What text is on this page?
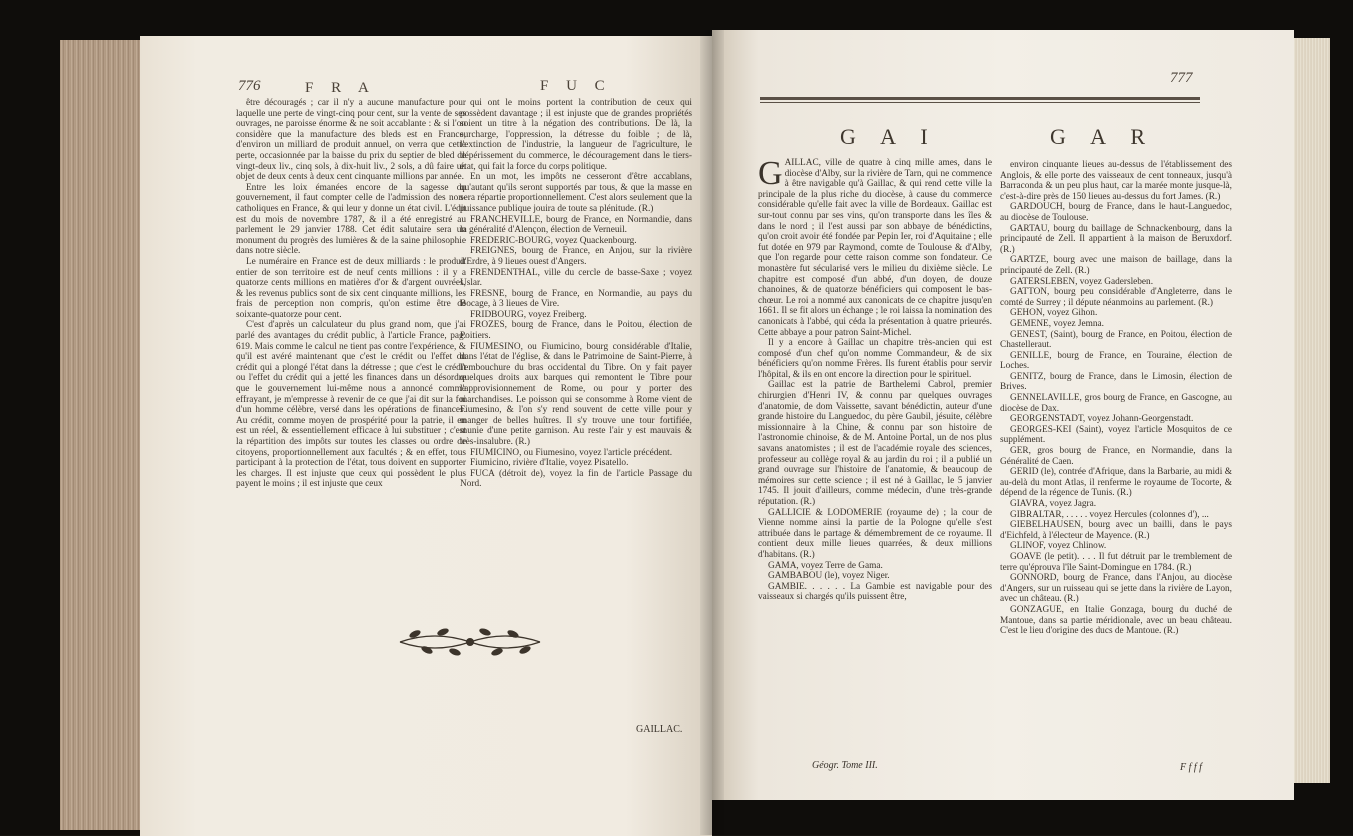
776	F R A	F U C

être découragés ; car il n'y a aucune manufacture pour laquelle une perte de vingt-cinq pour cent, sur la vente de ses ouvrages, ne paroisse énorme & ne soit accablante : & si l'on considère que la manufacture des bleds est en France, d'environ un milliard de produit annuel, on verra que cette perte, occasionnée par la baisse du prix du septier de bled de vingt-deux liv., cinq sols, à dix-huit liv., 2 sols, a dû faire un objet de deux cents à deux cent cinquante millions par année.

Entre les loix émanées encore de la sagesse du gouvernement, il faut compter celle de l'admission des non-catholiques en France, & qui leur y donne un état civil. L'édit est du mois de novembre 1787, & il a été enregistré au parlement le 29 janvier 1788. Cet édit salutaire sera un monument du progrès des lumières & de la saine philosophie dans notre siècle.

Le numéraire en France est de deux milliards : le produit entier de son territoire est de neuf cents millions : il y a quatorze cents millions en matières d'or & d'argent ouvrées, & les revenus publics sont de six cent cinquante millions, les frais de perception non compris, qu'on estime être de soixante-quatorze pour cent.

C'est d'après un calculateur du plus grand nom, que j'ai parlé des avantages du crédit public, à l'article France, pag. 619. Mais comme le calcul ne tient pas contre l'expérience, & qu'il est avéré maintenant que c'est le crédit ou l'effet du crédit qui a plongé l'état dans la détresse ; que c'est le crédit ou l'effet du crédit qui a jetté les finances dans un désordre que le gouvernement lui-même nous a annoncé comme effrayant, je m'empresse à revenir de ce que j'ai dit sur la foi d'un homme célèbre, versé dans les opérations de finances. Au crédit, comme moyen de prospérité pour la patrie, il en est un réel, & essentiellement efficace à lui substituer ; c'est la répartition des impôts sur toutes les classes ou ordre de citoyens, proportionnellement aux facultés ; & en effet, tous participant à la protection de l'état, tous doivent en supporter les charges. Il est injuste que ceux qui possèdent le plus payent le moins ; il est injuste que ceux

qui ont le moins portent la contribution de ceux qui possèdent davantage ; il est injuste que de grandes propriétés soient un titre à la négation des contributions. De là, la surcharge, l'oppression, la détresse du foible ; de là, l'extinction de l'industrie, la langueur de l'agriculture, le dépérissement du commerce, le découragement dans le tiers-état, qui fait la force du corps politique.

En un mot, les impôts ne cesseront d'être accablans, qu'autant qu'ils seront supportés par tous, & que la masse en sera répartie proportionnellement. C'est alors seulement que la puissance publique jouira de toute sa plénitude. (R.)

FRANCHEVILLE, bourg de France, en Normandie, dans la généralité d'Alençon, élection de Verneuil.

FREDERIC-BOURG, voyez Quackenbourg.

FREIGNES, bourg de France, en Anjou, sur la rivière d'Erdre, à 9 lieues ouest d'Angers.

FRENDENTHAL, ville du cercle de basse-Saxe ; voyez Uslar.

FRESNE, bourg de France, en Normandie, au pays du Bocage, à 3 lieues de Vire.

FRIDBOURG, voyez Freiberg.

FROZES, bourg de France, dans le Poitou, élection de Poitiers.

FIUMESINO, ou Fiumicino, bourg considérable d'Italie, dans l'état de l'église, & dans le Patrimoine de Saint-Pierre, à l'embouchure du bras occidental du Tibre. On y fait payer quelques droits aux barques qui remontent le Tibre pour l'approvisionnement de Rome, ou pour y porter des marchandises. Le poisson qui se consomme à Rome vient de Fiumesino, & l'on s'y rend souvent de cette ville pour y manger de belles huîtres. Il s'y trouve une tour fortifiée, munie d'une petite garnison. Au reste l'air y est mauvais & très-insalubre. (R.)

FIUMICINO, ou Fiumesino, voyez l'article précédent.

Fiumicino, rivière d'Italie, voyez Pisatello.

FUCA (détroit de), voyez la fin de l'article Passage du Nord.

GAILLAC.
777
G A I	G A R

GAILLAC, ville de quatre à cinq mille ames, dans le diocèse d'Alby, sur la rivière de Tarn, qui ne commence à être navigable qu'à Gaillac, & qui rend cette ville la principale de la plus riche du diocèse, à cause du commerce considérable qu'elle fait avec la ville de Bordeaux. Gaillac est sur-tout connu par ses vins, qu'on transporte dans les îles & dans le nord ; il l'est aussi par son abbaye de bénédictins, qu'on croit avoir été fondée par Pepin Ier, roi d'Aquitaine ; elle fut dotée en 979 par Raymond, comte de Toulouse & d'Alby, que l'on regarde pour cette raison comme son fondateur. Ce monastère fut sécularisé vers le milieu du dixième siècle. Le chapitre est composé d'un abbé, d'un doyen, de douze chanoines, & de quatorze bénéficiers qui composent le bas-chœur. Le roi a nommé aux canonicats de ce chapitre jusqu'en 1661. Il se fit alors un échange ; le roi laissa la nomination des canonicats à l'abbé, qui céda la présentation à quatre prieurés. Cette abbaye a pour patron Saint-Michel.

Il y a encore à Gaillac un chapitre très-ancien qui est composé d'un chef qu'on nomme Commandeur, & de six bénéficiers qu'on nomme Frères. Ils furent établis pour servir l'hôpital, & ils en ont encore la direction pour le spirituel.

Gaillac est la patrie de Barthelemi Cabrol, premier chirurgien d'Henri IV, & connu par quelques ouvrages d'anatomie, de dom Vaissette, savant bénédictin, auteur d'une grande histoire du Languedoc, du père Gaubil, jésuite, célèbre missionnaire à la Chine, & connu par son histoire de l'astronomie chinoise, & de M. Antoine Portal, un de nos plus savans anatomistes ; il est de l'académie royale des sciences, professeur au collège royal & au jardin du roi ; il a publié un grand ouvrage sur l'histoire de l'anatomie, & beaucoup de mémoires sur cette science ; il est né à Gaillac, le 5 janvier 1745. Il jouit d'ailleurs, comme médecin, d'une très-grande réputation. (R.)

GALLICIE & LODOMERIE (royaume de) ; la cour de Vienne nomme ainsi la partie de la Pologne qu'elle s'est attribuée dans le partage & démembrement de ce royaume. Il contient deux mille lieues quarrées, & deux millions d'habitans. (R.)

GAMA, voyez Terre de Gama.

GAMBABOU (le), voyez Niger.

GAMBIE. . . . . . La Gambie est navigable pour des vaisseaux si chargés qu'ils puissent être,

Géogr. Tome III.

environ cinquante lieues au-dessus de l'établissement des Anglois, & elle porte des vaisseaux de cent tonneaux, jusqu'à Barraconda & un peu plus haut, car la marée monte jusque-là, c'est-à-dire près de 150 lieues au-dessus du fort James. (R.)

GARDOUCH, bourg de France, dans le haut-Languedoc, au diocèse de Toulouse.

GARTAU, bourg du baillage de Schnackenbourg, dans la principauté de Zell. Il appartient à la maison de Beruxdorf. (R.)

GARTZE, bourg avec une maison de baillage, dans la principauté de Zell. (R.)

GATERSLEBEN, voyez Gadersleben.

GATTON, bourg peu considérable d'Angleterre, dans le comté de Surrey ; il députe néanmoins au parlement. (R.)

GEHON, voyez Gihon.

GEMENE, voyez Jemna.

GENEST, (Saint), bourg de France, en Poitou, élection de Chastelleraut.

GENILLE, bourg de France, en Touraine, élection de Loches.

GENITZ, bourg de France, dans le Limosin, élection de Brives.

GENNELAVILLE, gros bourg de France, en Gascogne, au diocèse de Dax.

GEORGENSTADT, voyez Johann-Georgenstadt.

GEORGES-KEI (Saint), voyez l'article Mosquitos de ce supplément.

GER, gros bourg de France, en Normandie, dans la Généralité de Caen.

GERID (le), contrée d'Afrique, dans la Barbarie, au midi & au-delà du mont Atlas, il renferme le royaume de Tocorte, & dépend de la régence de Tunis. (R.)

GIAVRA, voyez Jagra.

GIBRALTAR, . . . . . voyez Hercules (colonnes d'), ...

GIEBELHAUSEN, bourg avec un bailli, dans le pays d'Eichfeld, à l'électeur de Mayence. (R.)

GLINOF, voyez Chlinow.

GOAVE (le petit). . . . Il fut détruit par le tremblement de terre qu'éprouva l'île Saint-Domingue en 1784. (R.)

GONNORD, bourg de France, dans l'Anjou, au diocèse d'Angers, sur un ruisseau qui se jette dans la rivière de Layon, avec un château. (R.)

GONZAGUE, en Italie Gonzaga, bourg du duché de Mantoue, dans sa partie méridionale, avec un beau château. C'est le lieu d'origine des ducs de Mantoue. (R.)

F f f f
